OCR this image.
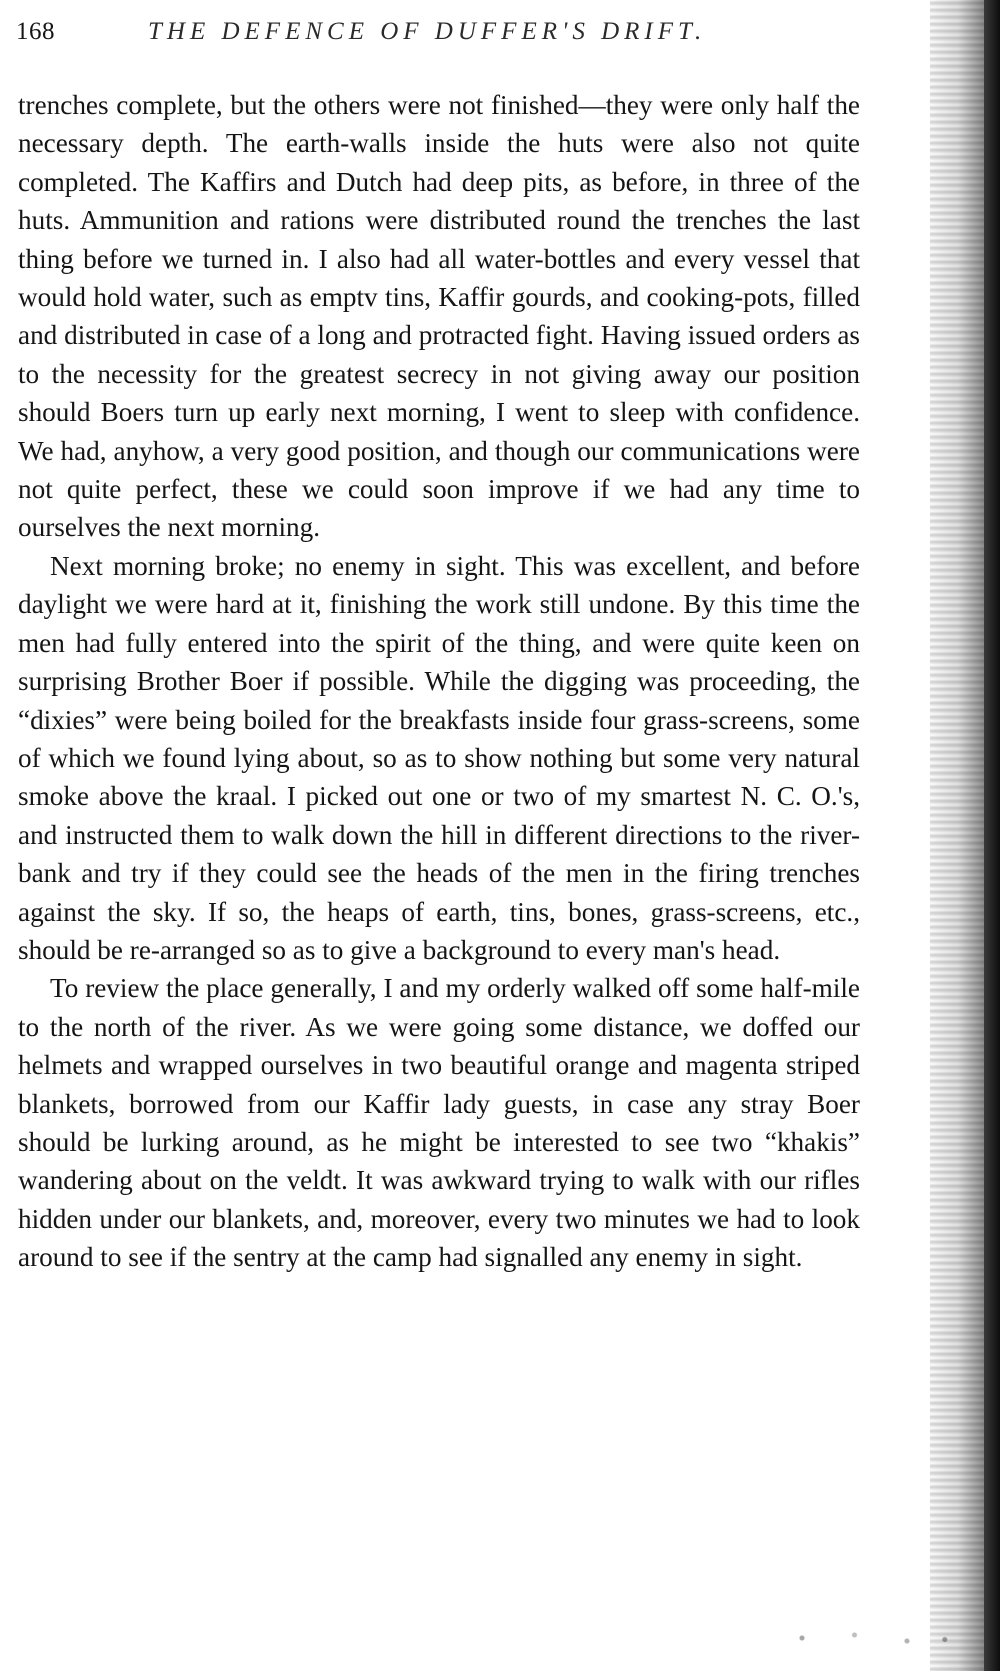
168	THE DEFENCE OF DUFFER'S DRIFT.

trenches complete, but the others were not finished—they were only half the necessary depth. The earth-walls inside the huts were also not quite completed. The Kaffirs and Dutch had deep pits, as before, in three of the huts. Ammunition and rations were distributed round the trenches the last thing before we turned in. I also had all water-bottles and every vessel that would hold water, such as emptv tins, Kaffir gourds, and cooking-pots, filled and distributed in case of a long and protracted fight. Having issued orders as to the necessity for the greatest secrecy in not giving away our position should Boers turn up early next morning, I went to sleep with confidence. We had, anyhow, a very good position, and though our communications were not quite perfect, these we could soon improve if we had any time to ourselves the next morning.

Next morning broke; no enemy in sight. This was excellent, and before daylight we were hard at it, finishing the work still undone. By this time the men had fully entered into the spirit of the thing, and were quite keen on surprising Brother Boer if possible. While the digging was proceeding, the “dixies” were being boiled for the breakfasts inside four grass-screens, some of which we found lying about, so as to show nothing but some very natural smoke above the kraal. I picked out one or two of my smartest N. C. O.'s, and instructed them to walk down the hill in different directions to the river-bank and try if they could see the heads of the men in the firing trenches against the sky. If so, the heaps of earth, tins, bones, grass-screens, etc., should be re-arranged so as to give a background to every man's head.

To review the place generally, I and my orderly walked off some half-mile to the north of the river. As we were going some distance, we doffed our helmets and wrapped ourselves in two beautiful orange and magenta striped blankets, borrowed from our Kaffir lady guests, in case any stray Boer should be lurking around, as he might be interested to see two “khakis” wandering about on the veldt. It was awkward trying to walk with our rifles hidden under our blankets, and, moreover, every two minutes we had to look around to see if the sentry at the camp had signalled any enemy in sight.
